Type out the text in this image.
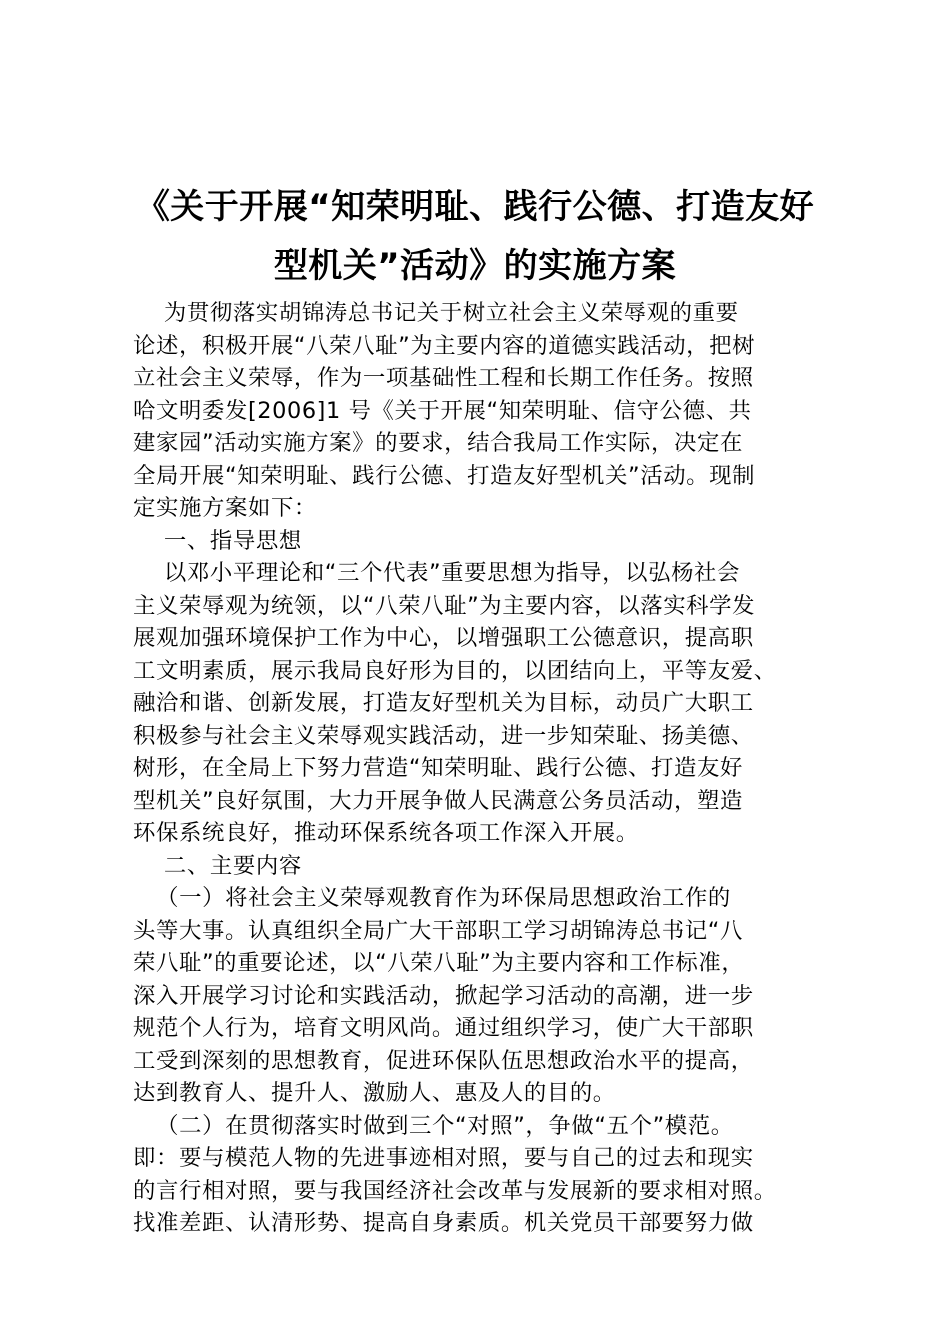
《关于开展“知荣明耻、践行公德、打造友好
型机关”活动》的实施方案
为贯彻落实胡锦涛总书记关于树立社会主义荣辱观的重要
论述，积极开展“八荣八耻”为主要内容的道德实践活动，把树
立社会主义荣辱，作为一项基础性工程和长期工作任务。按照
哈文明委发[2006]1 号《关于开展“知荣明耻、信守公德、共
建家园”活动实施方案》的要求，结合我局工作实际，决定在
全局开展“知荣明耻、践行公德、打造友好型机关”活动。现制
定实施方案如下：
一、指导思想
以邓小平理论和“三个代表”重要思想为指导，以弘杨社会
主义荣辱观为统领，以“八荣八耻”为主要内容，以落实科学发
展观加强环境保护工作为中心，以增强职工公德意识，提高职
工文明素质，展示我局良好形为目的，以团结向上，平等友爱、
融洽和谐、创新发展，打造友好型机关为目标，动员广大职工
积极参与社会主义荣辱观实践活动，进一步知荣耻、扬美德、
树形，在全局上下努力营造“知荣明耻、践行公德、打造友好
型机关”良好氛围，大力开展争做人民满意公务员活动，塑造
环保系统良好，推动环保系统各项工作深入开展。
二、主要内容
（一）将社会主义荣辱观教育作为环保局思想政治工作的
头等大事。认真组织全局广大干部职工学习胡锦涛总书记“八
荣八耻”的重要论述，以“八荣八耻”为主要内容和工作标准，
深入开展学习讨论和实践活动，掀起学习活动的高潮，进一步
规范个人行为，培育文明风尚。通过组织学习，使广大干部职
工受到深刻的思想教育，促进环保队伍思想政治水平的提高，
达到教育人、提升人、激励人、惠及人的目的。
（二）在贯彻落实时做到三个“对照”，争做“五个”模范。
即：要与模范人物的先进事迹相对照，要与自己的过去和现实
的言行相对照，要与我国经济社会改革与发展新的要求相对照。
找准差距、认清形势、提高自身素质。机关党员干部要努力做
